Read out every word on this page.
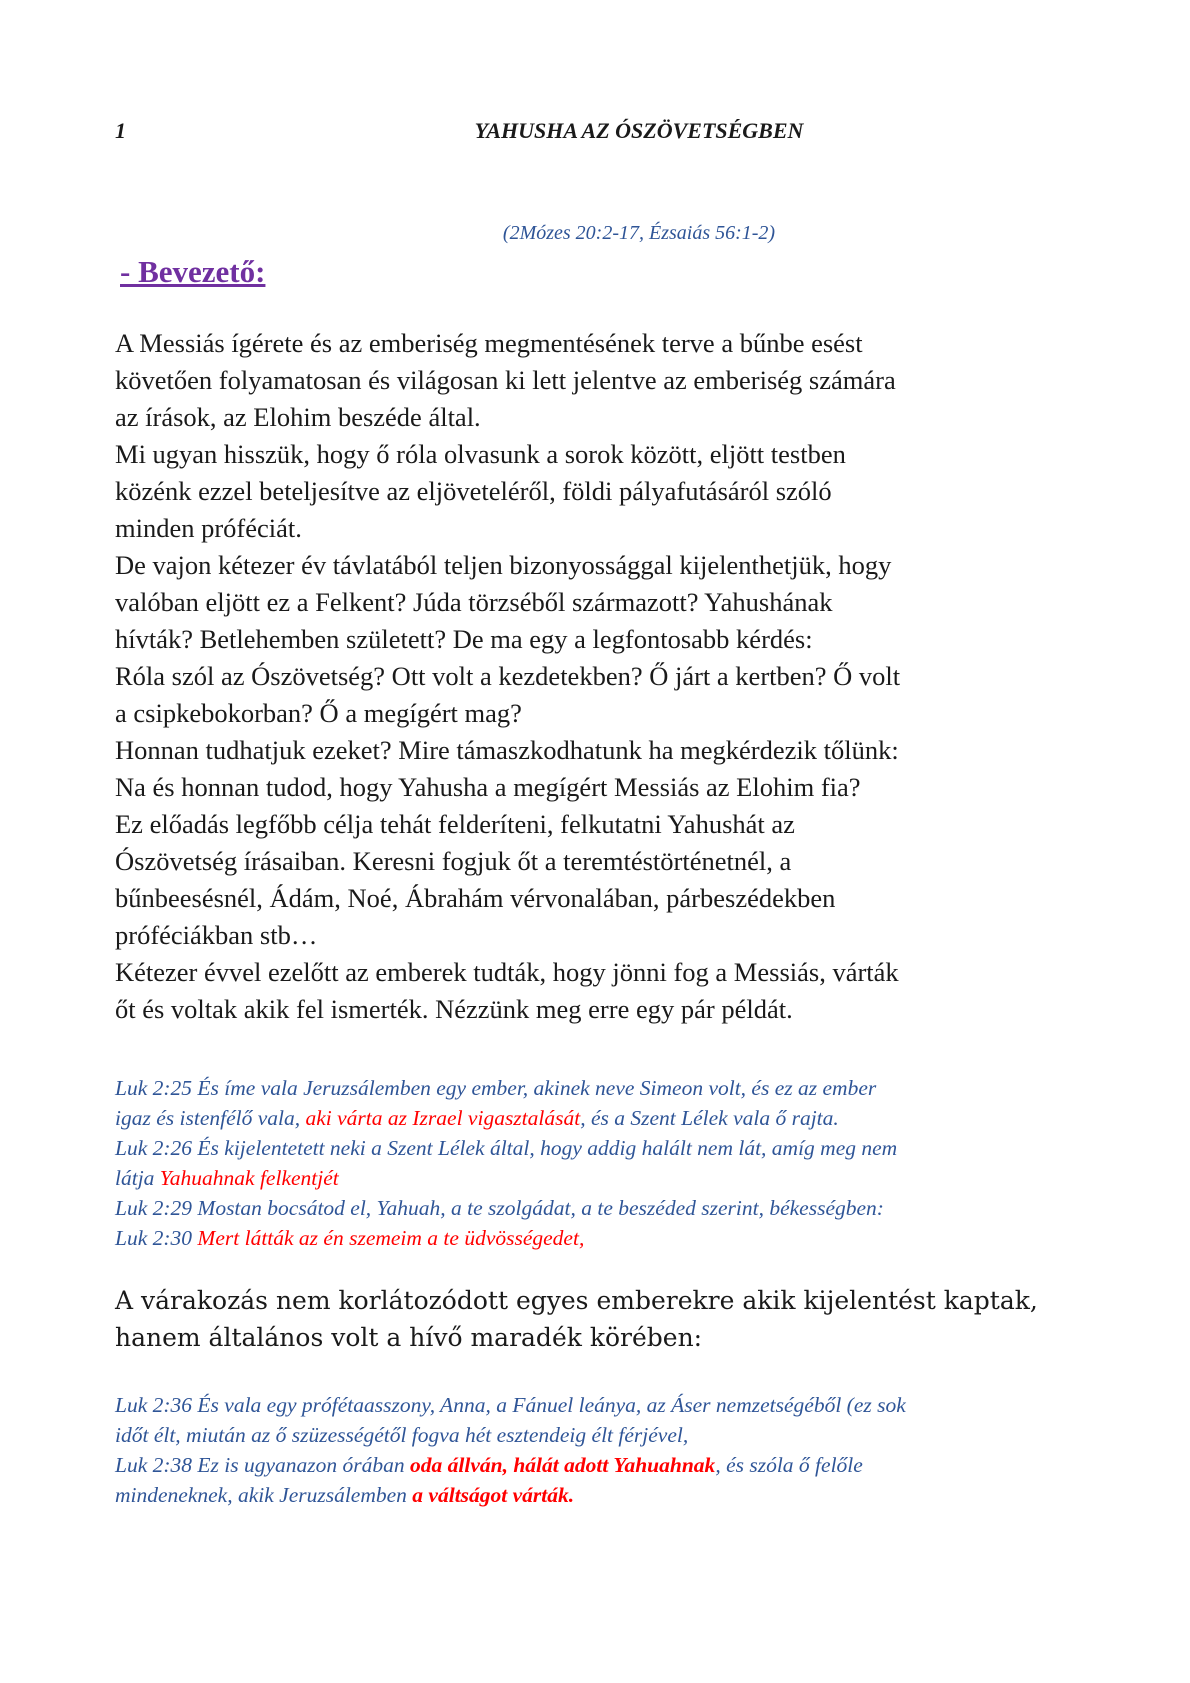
1	YAHUSHA AZ ÓSZÖVETSÉGBEN
(2Mózes 20:2-17, Ézsaiás 56:1-2)
- Bevezető:

A Messiás ígérete és az emberiség megmentésének terve a bűnbe esést

követően folyamatosan és világosan ki lett jelentve az emberiség számára

az írások, az Elohim beszéde által.

Mi ugyan hisszük, hogy ő róla olvasunk a sorok között, eljött testben

közénk ezzel beteljesítve az eljöveteléről, földi pályafutásáról szóló

minden próféciát.

De vajon kétezer év távlatából teljen bizonyossággal kijelenthetjük, hogy

valóban eljött ez a Felkent? Júda törzséből származott? Yahushának

hívták? Betlehemben született? De ma egy a legfontosabb kérdés:

Róla szól az Ószövetség? Ott volt a kezdetekben? Ő járt a kertben? Ő volt

a csipkebokorban? Ő a megígért mag?

Honnan tudhatjuk ezeket? Mire támaszkodhatunk ha megkérdezik tőlünk:

Na és honnan tudod, hogy Yahusha a megígért Messiás az Elohim fia?

Ez előadás legfőbb célja tehát felderíteni, felkutatni Yahushát az

Ószövetség írásaiban. Keresni fogjuk őt a teremtéstörténetnél, a

bűnbeesésnél, Ádám, Noé, Ábrahám vérvonalában, párbeszédekben

próféciákban stb…

Kétezer évvel ezelőtt az emberek tudták, hogy jönni fog a Messiás, várták

őt és voltak akik fel ismerték. Nézzünk meg erre egy pár példát.

Luk 2:25 És íme vala Jeruzsálemben egy ember, akinek neve Simeon volt, és ez az ember

igaz és istenfélő vala, aki várta az Izrael vigasztalását, és a Szent Lélek vala ő rajta.

Luk 2:26 És kijelentetett neki a Szent Lélek által, hogy addig halált nem lát, amíg meg nem

látja Yahuahnak felkentjét

Luk 2:29 Mostan bocsátod el, Yahuah, a te szolgádat, a te beszéded szerint, békességben:

Luk 2:30 Mert látták az én szemeim a te üdvösségedet,

A várakozás nem korlátozódott egyes emberekre akik kijelentést kaptak,

hanem általános volt a hívő maradék körében:

Luk 2:36 És vala egy prófétaasszony, Anna, a Fánuel leánya, az Áser nemzetségéből (ez sok

időt élt, miután az ő szüzességétől fogva hét esztendeig élt férjével,

Luk 2:38 Ez is ugyanazon órában oda állván, hálát adott Yahuahnak, és szóla ő felőle

mindeneknek, akik Jeruzsálemben a váltságot várták.
